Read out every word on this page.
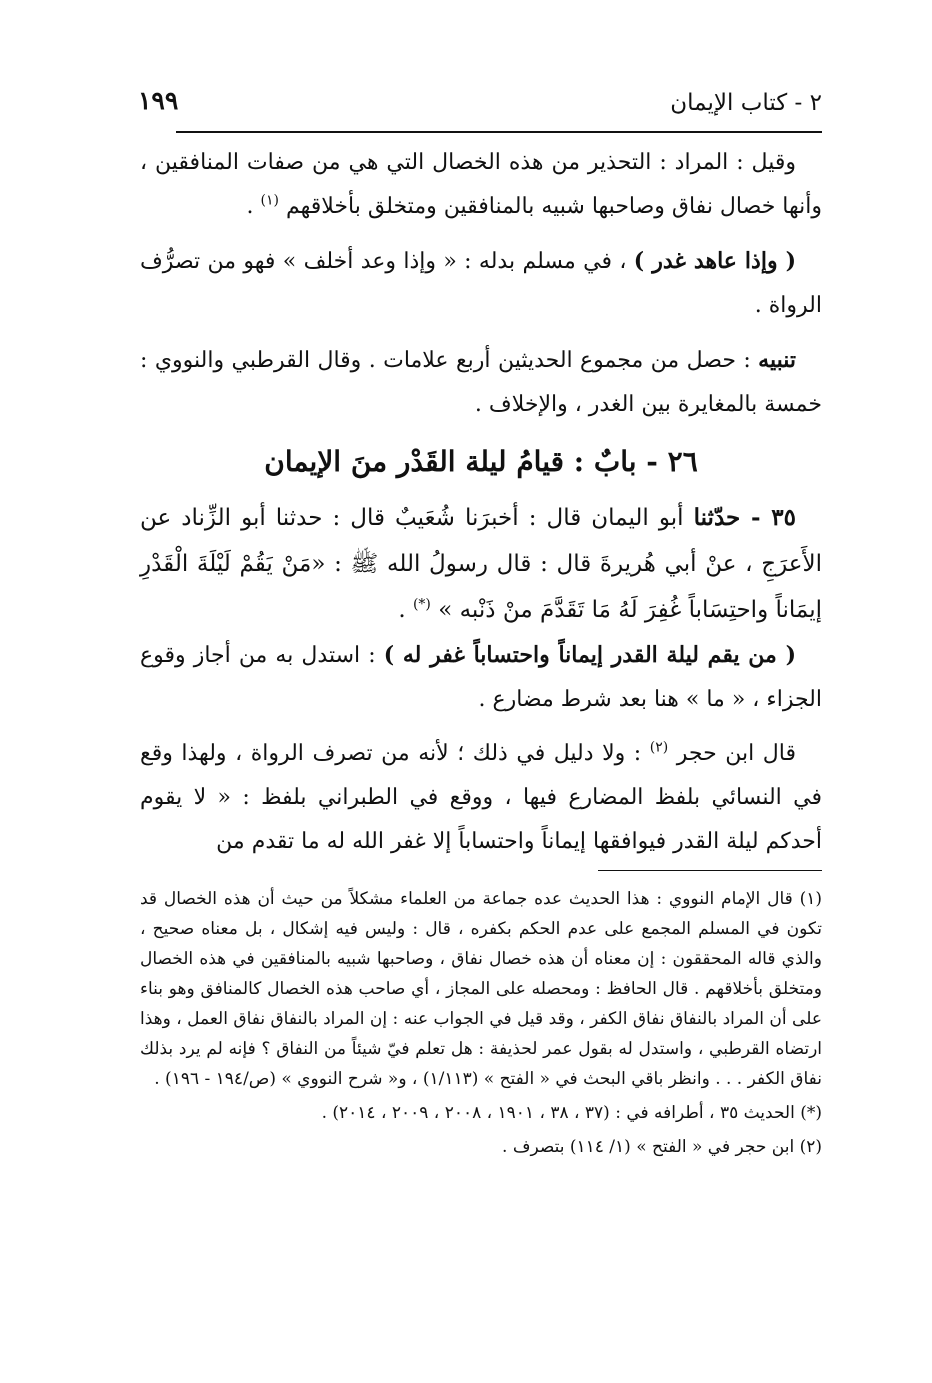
٢ - كتاب الإيمان
١٩٩

وقيل : المراد : التحذير من هذه الخصال التي هي من صفات المنافقين ، وأنها خصال نفاق وصاحبها شبيه بالمنافقين ومتخلق بأخلاقهم $^{(١)}$ .

( وإذا عاهد غدر ) ، في مسلم بدله : « وإذا وعد أخلف » فهو من تصرُّف الرواة .

تنبيه : حصل من مجموع الحديثين أربع علامات . وقال القرطبي والنووي : خمسة بالمغايرة بين الغدر ، والإخلاف .

٢٦ - بابٌ : قيامُ ليلة القَدْر منَ الإيمان

٣٥ - حدّثنا أبو اليمان قال : أخبرَنا شُعَيبٌ قال : حدثنا أبو الزِّناد عن الأَعرَجِ ، عنْ أبي هُريرةَ قال : قال رسولُ الله ﷺ : «مَنْ يَقُمْ لَيْلَةَ الْقَدْرِ إيمَاناً واحتِسَاباً غُفِرَ لَهُ مَا تَقَدَّمَ منْ ذَنْبه » (*) .

( من يقم ليلة القدر إيماناً واحتساباً غفر له ) : استدل به من أجاز وقوع الجزاء ، « ما » هنا بعد شرط مضارع .

قال ابن حجر $^{(٢)}$ : ولا دليل في ذلك ؛ لأنه من تصرف الرواة ، ولهذا وقع في النسائي بلفظ المضارع فيها ، ووقع في الطبراني بلفظ : « لا يقوم أحدكم ليلة القدر فيوافقها إيماناً واحتساباً إلا غفر الله له ما تقدم من

(١) قال الإمام النووي : هذا الحديث عده جماعة من العلماء مشكلاً من حيث أن هذه الخصال قد تكون في المسلم المجمع على عدم الحكم بكفره ، قال : وليس فيه إشكال ، بل معناه صحيح ، والذي قاله المحققون : إن معناه أن هذه خصال نفاق ، وصاحبها شبيه بالمنافقين في هذه الخصال ومتخلق بأخلاقهم . قال الحافظ : ومحصله على المجاز ، أي صاحب هذه الخصال كالمنافق وهو بناء على أن المراد بالنفاق نفاق الكفر ، وقد قيل في الجواب عنه : إن المراد بالنفاق نفاق العمل ، وهذا ارتضاه القرطبي ، واستدل له بقول عمر لحذيفة : هل تعلم فيّ شيئاً من النفاق ؟ فإنه لم يرد بذلك نفاق الكفر . . . وانظر باقي البحث في « الفتح » (١/١١٣) ، و« شرح النووي » (ص/١٩٤ - ١٩٦) .

(*) الحديث ٣٥ ، أطرافه في : (٣٧ ، ٣٨ ، ١٩٠١ ، ٢٠٠٨ ، ٢٠٠٩ ، ٢٠١٤) .

(٢) ابن حجر في « الفتح » (١/ ١١٤) بتصرف .
